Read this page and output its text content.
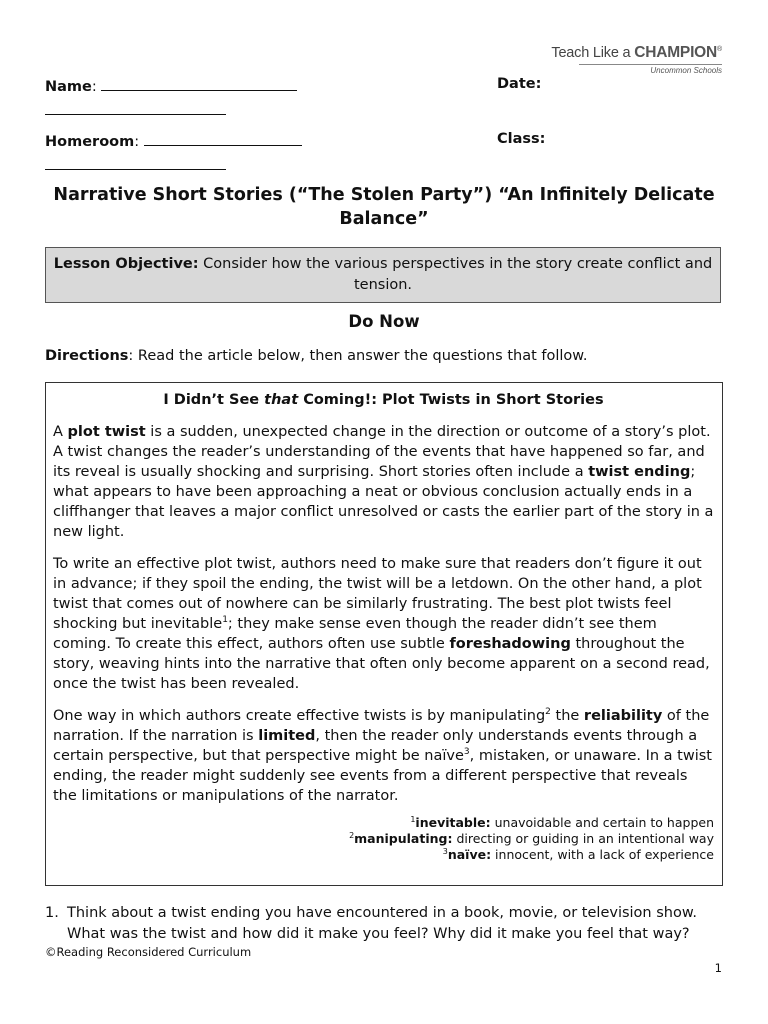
Teach Like a CHAMPION®
Uncommon Schools
Name:	Date:
Homeroom:	Class:
Narrative Short Stories (“The Stolen Party”) “An Infinitely Delicate Balance”
Lesson Objective: Consider how the various perspectives in the story create conflict and tension.
Do Now
Directions: Read the article below, then answer the questions that follow.
I Didn’t See that Coming!: Plot Twists in Short Stories

A plot twist is a sudden, unexpected change in the direction or outcome of a story’s plot. A twist changes the reader’s understanding of the events that have happened so far, and its reveal is usually shocking and surprising. Short stories often include a twist ending; what appears to have been approaching a neat or obvious conclusion actually ends in a cliffhanger that leaves a major conflict unresolved or casts the earlier part of the story in a new light.

To write an effective plot twist, authors need to make sure that readers don’t figure it out in advance; if they spoil the ending, the twist will be a letdown. On the other hand, a plot twist that comes out of nowhere can be similarly frustrating. The best plot twists feel shocking but inevitable$^1$; they make sense even though the reader didn’t see them coming. To create this effect, authors often use subtle foreshadowing throughout the story, weaving hints into the narrative that often only become apparent on a second read, once the twist has been revealed.

One way in which authors create effective twists is by manipulating$^2$ the reliability of the narration. If the narration is limited, then the reader only understands events through a certain perspective, but that perspective might be naïve$^3$, mistaken, or unaware. In a twist ending, the reader might suddenly see events from a different perspective that reveals the limitations or manipulations of the narrator.

$^1$inevitable: unavoidable and certain to happen
$^2$manipulating: directing or guiding in an intentional way
$^3$naïve: innocent, with a lack of experience
1. Think about a twist ending you have encountered in a book, movie, or television show. What was the twist and how did it make you feel? Why did it make you feel that way?
©Reading Reconsidered Curriculum
1
